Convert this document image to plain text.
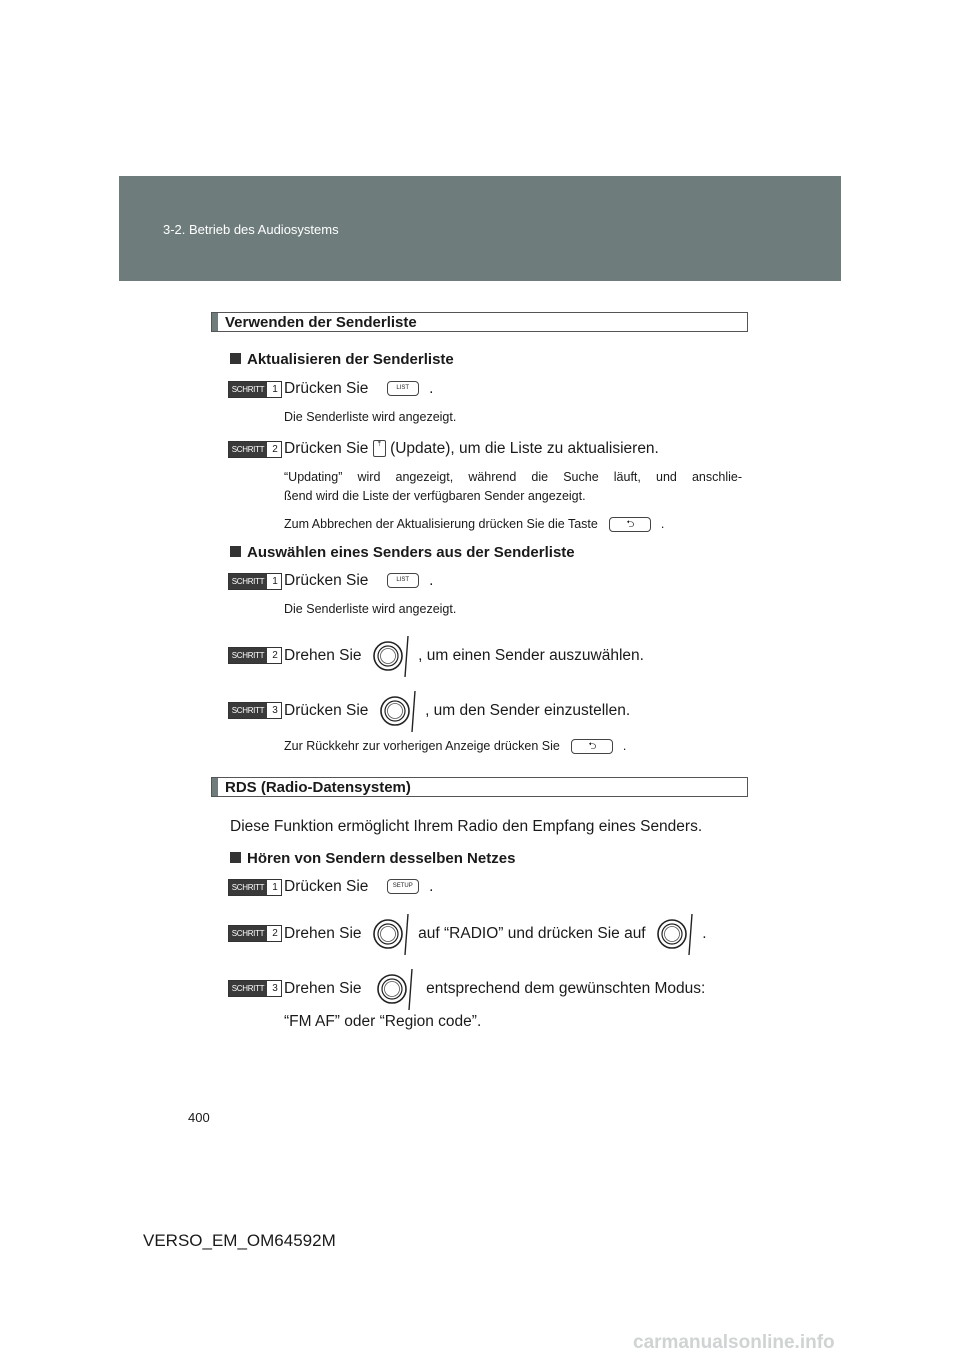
3-2. Betrieb des Audiosystems
Verwenden der Senderliste
Aktualisieren der Senderliste
SCHRITT 1 Drücken Sie	LIST .
Die Senderliste wird angezeigt.
SCHRITT 2 Drücken Sie ⤒ (Update), um die Liste zu aktualisieren.
“Updating” wird angezeigt, während die Suche läuft, und anschlie-
ßend wird die Liste der verfügbaren Sender angezeigt.
Zum Abbrechen der Aktualisierung drücken Sie die Taste	⮌ .
Auswählen eines Senders aus der Senderliste
SCHRITT 1 Drücken Sie	LIST .
Die Senderliste wird angezeigt.
SCHRITT 2 Drehen Sie	, um einen Sender auszuwählen.
SCHRITT 3 Drücken Sie	, um den Sender einzustellen.
Zur Rückkehr zur vorherigen Anzeige drücken Sie	⮌ .
RDS (Radio-Datensystem)
Diese Funktion ermöglicht Ihrem Radio den Empfang eines Senders.
Hören von Sendern desselben Netzes
SCHRITT 1 Drücken Sie	SETUP .
SCHRITT 2 Drehen Sie	auf “RADIO” und drücken Sie auf	.
SCHRITT 3 Drehen Sie	entsprechend dem gewünschten Modus:
“FM AF” oder “Region code”.
400
VERSO_EM_OM64592M
carmanualsonline.info
